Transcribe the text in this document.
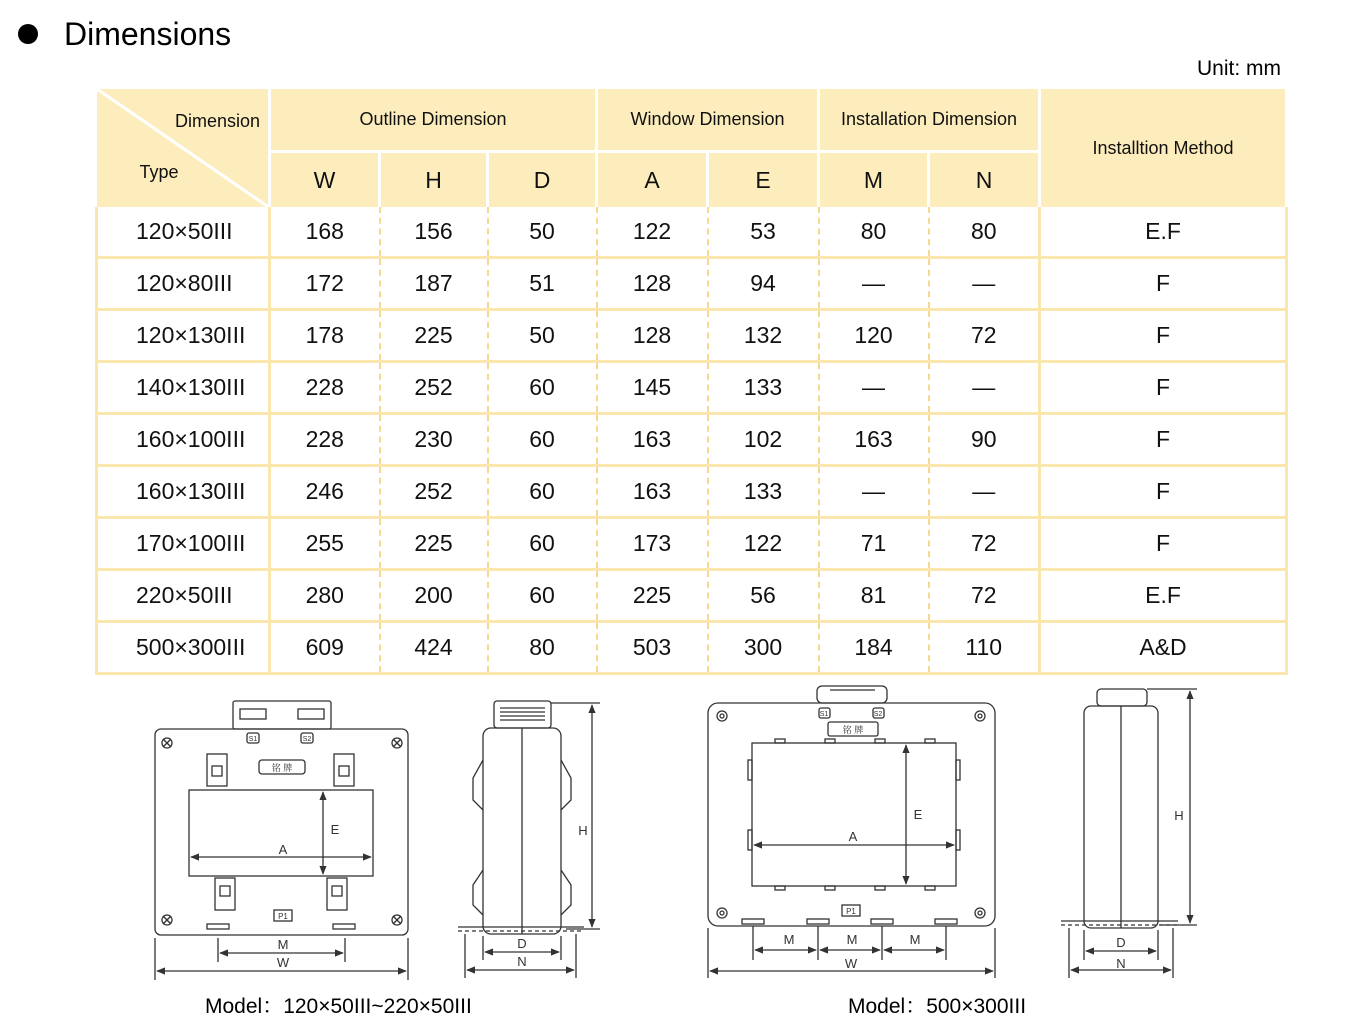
Dimensions
Unit: mm
Dimension
Type	Outline Dimension			Window Dimension		Installation Dimension		Installtion Method
	W	H	D	A	E	M	N	
120×50III	168	156	50	122	53	80	80	E.F
120×80III	172	187	51	128	94	—	—	F
120×130III	178	225	50	128	132	120	72	F
140×130III	228	252	60	145	133	—	—	F
160×100III	228	230	60	163	102	163	90	F
160×130III	246	252	60	163	133	—	—	F
170×100III	255	225	60	173	122	71	72	F
220×50III	280	200	60	225	56	81	72	E.F
500×300III	609	424	80	503	300	184	110	A&D
S1	S2
铭 牌
P1
A
E
M
W
H
D
N
S1	S2
铭 牌
P1
A
E
M	M	M
W
H
D
N
Model：120×50III~220×50III	Model：500×300III
